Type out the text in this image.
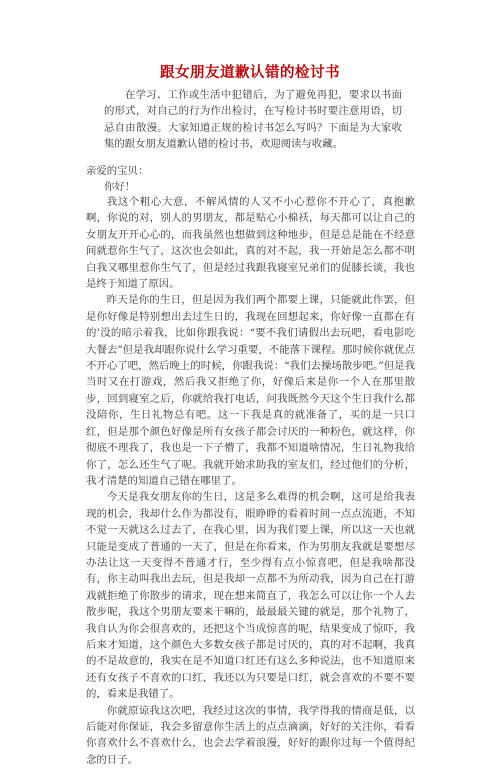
跟女朋友道歉认错的检讨书

在学习、工作或生活中犯错后，为了避免再犯，要求以书面的形式，对自己的行为作出检讨，在写检讨书时要注意用语，切忌自由散漫。大家知道正规的检讨书怎么写吗？下面是为大家收集的跟女朋友道歉认错的检讨书，欢迎阅读与收藏。

亲爱的宝贝：

你好！

我这个粗心大意，不解风情的人又不小心惹你不开心了，真抱歉啊，你说的对，别人的男朋友，都是贴心小棉袄，每天都可以让自己的女朋友开开心心的，而我虽然也想做到这种地步，但是总是能在不经意间就惹你生气了，这次也会如此，真的对不起，我一开始是怎么都不明白我又哪里惹你生气了，但是经过我跟我寝室兄弟们的促膝长谈，我也是终于知道了原因。

昨天是你的生日，但是因为我们两个都要上课，只能就此作罢，但是你好像是特别想出去过生日的，我现在回想起来，你好像一直都在有的’没的暗示着我，比如你跟我说：“要不我们请假出去玩吧，看电影吃大餐去”但是我却跟你说什么学习重要，不能落下课程。那时候你就优点不开心了吧，然后晚上的时候，你跟我说：“我们去操场散步吧。”但是我当时又在打游戏，然后我又拒绝了你，好像后来是你一个人在那里散步，回到寝室之后，你就给我打电话，问我既然今天这个生日我什么都没陪你，生日礼物总有吧。这一下我是真的就准备了，买的是一只口红，但是那个颜色好像是所有女孩子都会讨厌的一种粉色，就这样，你彻底不理我了，我也是一下子懵了，我都不知道啥情况，生日礼物我给你了，怎么还生气了呢。我就开始求助我的室友们，经过他们的分析，我才清楚的知道自己错在哪里了。

今天是我女朋友你的生日，这是多么难得的机会啊，这可是给我表现的机会，我却什么作为都没有，眼睁睁的看着时间一点点流逝，不知不觉一天就这么过去了，在我心里，因为我们要上课，所以这一天也就只能是变成了普通的一天了，但是在你看来，作为男朋友我就是要想尽办法让这一天变得不普通才行，至少得有点小惊喜吧，但是我啥都没有，你主动叫我出去玩，但是我却一点都不为所动我，因为自己在打游戏就拒绝了你散步的请求，现在想来简直了，我怎么可以让你一个人去散步呢，我这个男朋友要来干嘛的，最最最关键的就是，那个礼物了，我自认为你会很喜欢的，还把这个当成惊喜的呢，结果变成了惊吓，我后来才知道，这个颜色大多数女孩子都是讨厌的，真的对不起啊，我真的不是故意的，我实在是不知道口红还有这么多种说法，也不知道原来还有女孩子不喜欢的口红，我还以为只要是口红，就会喜欢的不要不要的，看来是我错了。

你就原谅我这次吧，我经过这次的事情，我学得我的情商是低，以后能对你保证，我会多留意你生活上的点点滴滴，好好的关注你，看看你喜欢什么不喜欢什么，也会去学着浪漫，好好的跟你过每一个值得纪念的日子。
